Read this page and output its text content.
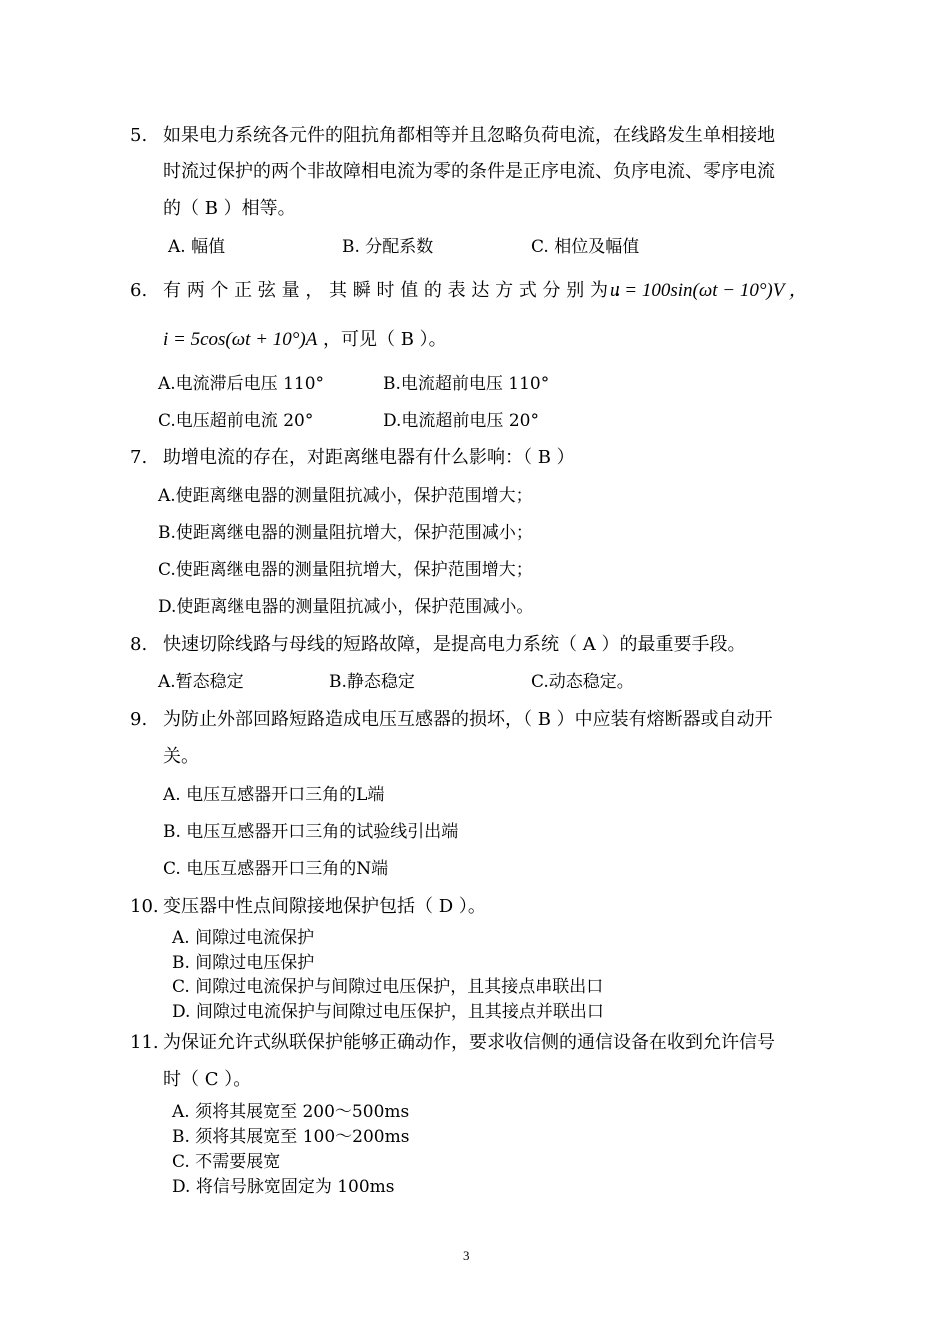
5. 如果电力系统各元件的阻抗角都相等并且忽略负荷电流，在线路发生单相接地
时流过保护的两个非故障相电流为零的条件是正序电流、负序电流、零序电流
的（ B ）相等。
A. 幅值	B. 分配系数	C. 相位及幅值
6. 有 两 个 正 弦 量 ， 其 瞬 时 值 的 表 达 方 式 分 别 为 ：
u = 100sin(ωt − 10°)V ，
i = 5cos(ωt + 10°)A ，可见（ B ）。
A.电流滞后电压 110°	B.电流超前电压 110°
C.电压超前电流 20°	D.电流超前电压 20°
7. 助增电流的存在，对距离继电器有什么影响：（ B ）
A.使距离继电器的测量阻抗减小，保护范围增大；
B.使距离继电器的测量阻抗增大，保护范围减小；
C.使距离继电器的测量阻抗增大，保护范围增大；
D.使距离继电器的测量阻抗减小，保护范围减小。
8. 快速切除线路与母线的短路故障，是提高电力系统（ A ）的最重要手段。
A.暂态稳定	B.静态稳定	C.动态稳定。
9. 为防止外部回路短路造成电压互感器的损坏，（ B ）中应装有熔断器或自动开
关。
A. 电压互感器开口三角的L端
B. 电压互感器开口三角的试验线引出端
C. 电压互感器开口三角的N端
10. 变压器中性点间隙接地保护包括（ D ）。
A. 间隙过电流保护
B. 间隙过电压保护
C. 间隙过电流保护与间隙过电压保护，且其接点串联出口
D. 间隙过电流保护与间隙过电压保护，且其接点并联出口
11. 为保证允许式纵联保护能够正确动作，要求收信侧的通信设备在收到允许信号
时（ C ）。
A. 须将其展宽至 200～500ms
B. 须将其展宽至 100～200ms
C. 不需要展宽
D. 将信号脉宽固定为 100ms
3
